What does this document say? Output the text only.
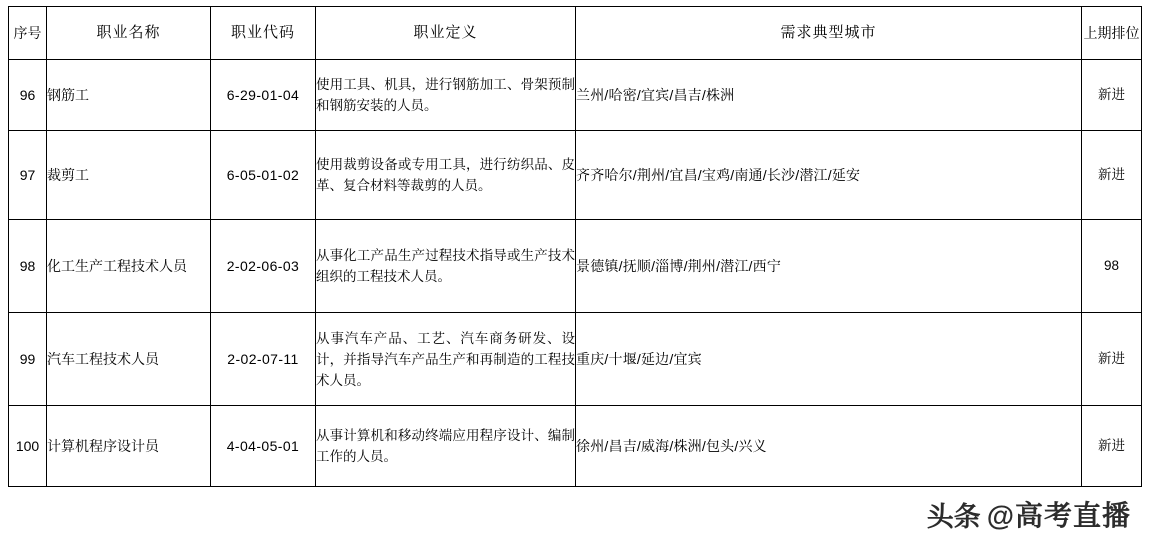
序号	职业名称	职业代码	职业定义	需求典型城市	上期排位
96	钢筋工	6-29-01-04	使用工具、机具，进行钢筋加工、骨架预制和钢筋安装的人员。	兰州/哈密/宜宾/昌吉/株洲	新进
97	裁剪工	6-05-01-02	使用裁剪设备或专用工具，进行纺织品、皮革、复合材料等裁剪的人员。	齐齐哈尔/荆州/宜昌/宝鸡/南通/长沙/潜江/延安	新进
98	化工生产工程技术人员	2-02-06-03	从事化工产品生产过程技术指导或生产技术组织的工程技术人员。	景德镇/抚顺/淄博/荆州/潜江/西宁	98
99	汽车工程技术人员	2-02-07-11	从事汽车产品、工艺、汽车商务研发、设计，并指导汽车产品生产和再制造的工程技术人员。	重庆/十堰/延边/宜宾	新进
100	计算机程序设计员	4-04-05-01	从事计算机和移动终端应用程序设计、编制工作的人员。	徐州/昌吉/威海/株洲/包头/兴义	新进
头条 @高考直播
